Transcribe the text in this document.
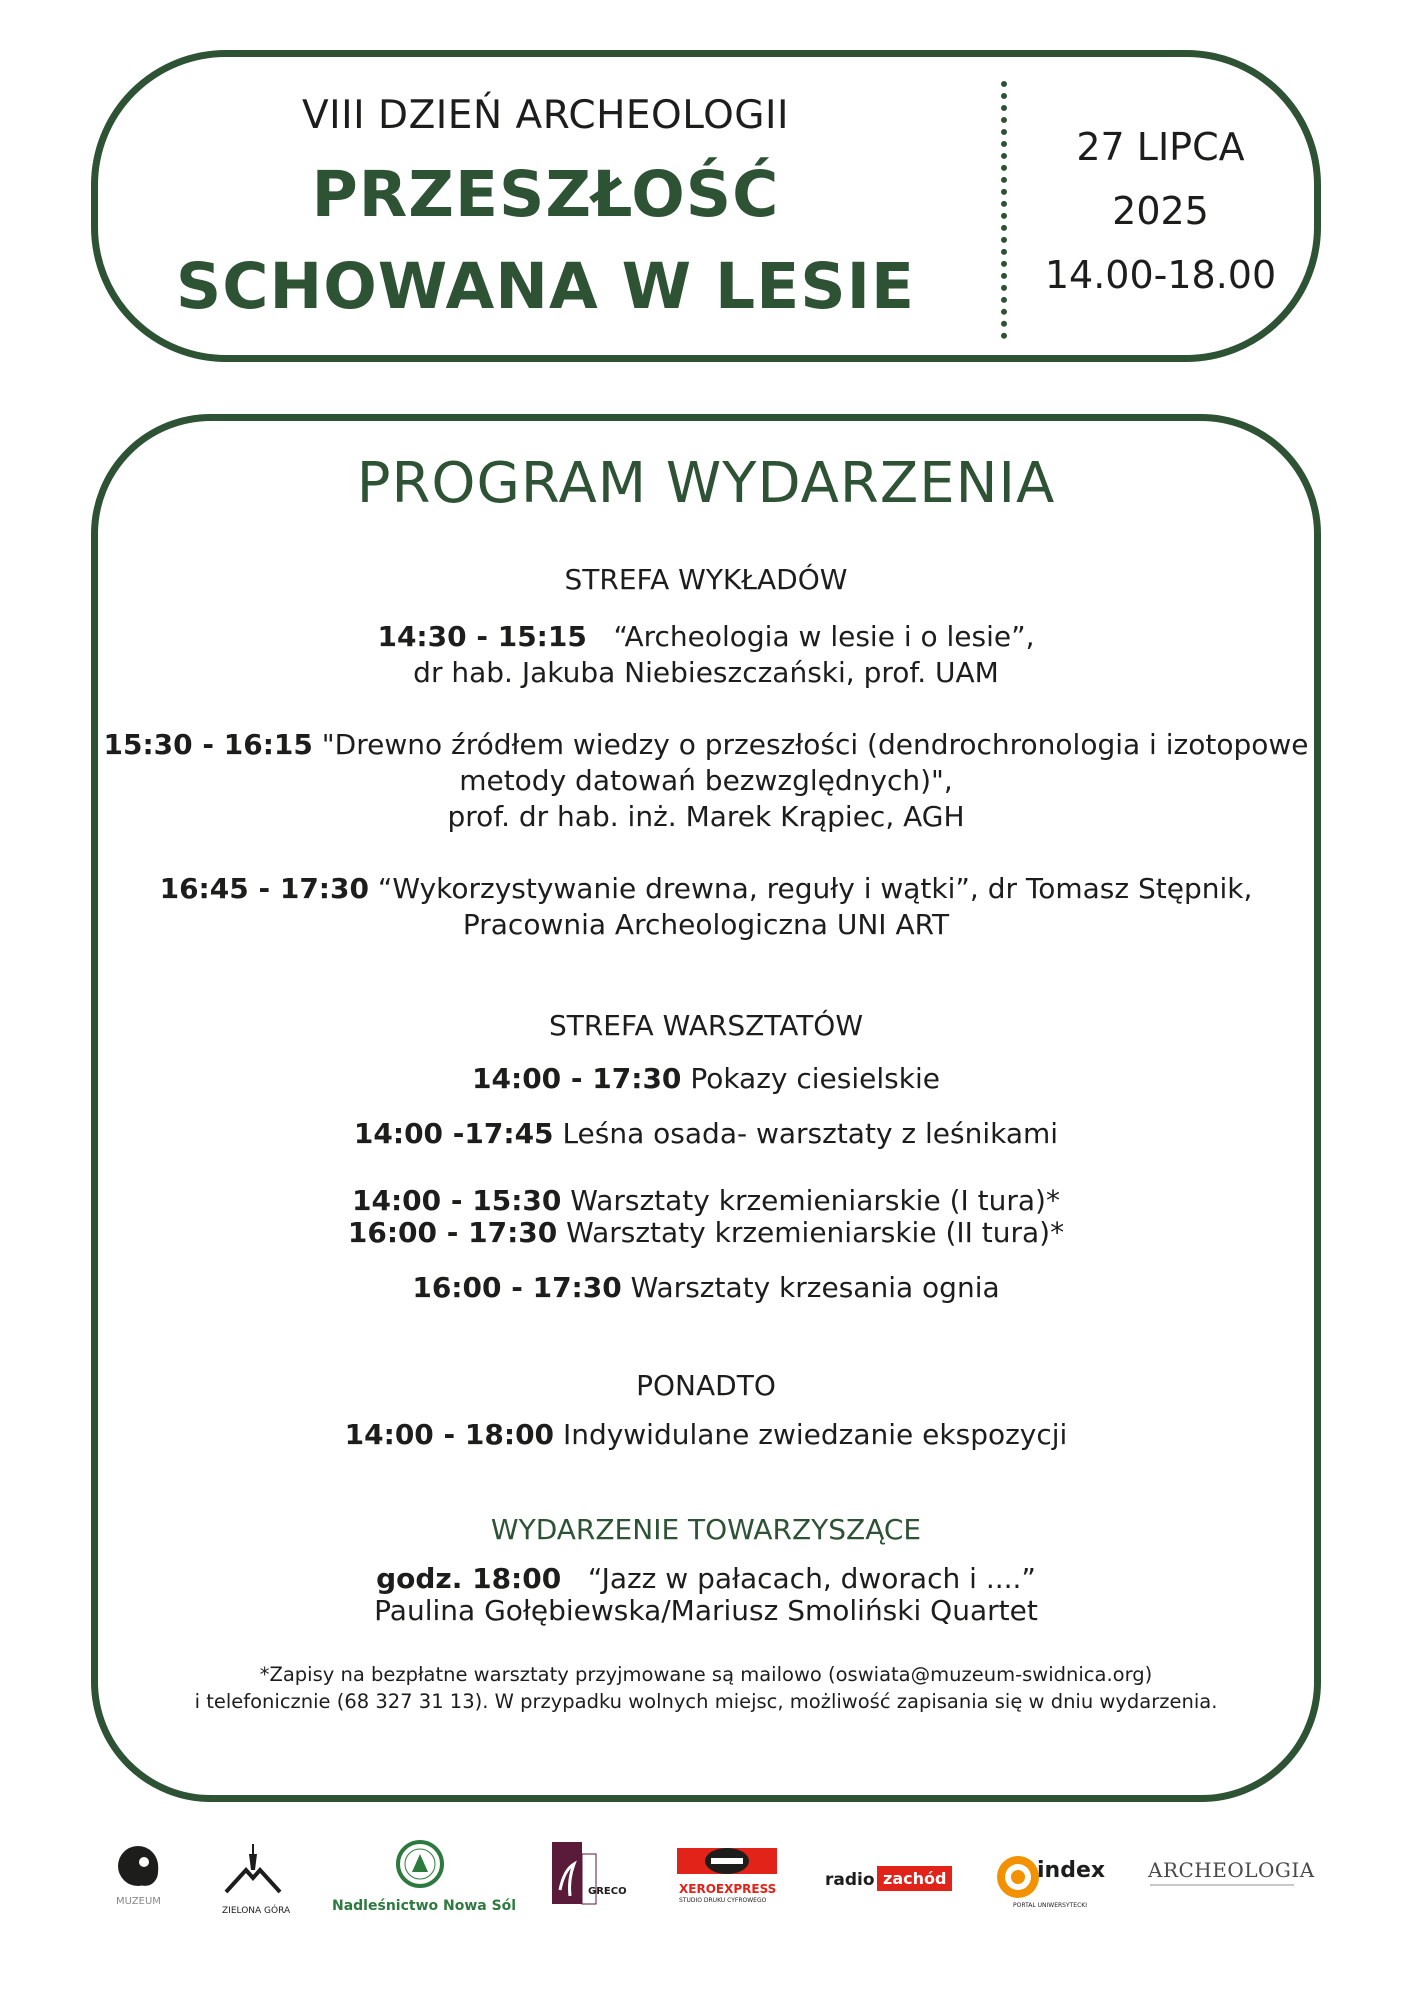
VIII DZIEŃ ARCHEOLOGII
PRZESZŁOŚĆ
SCHOWANA W LESIE
27 LIPCA
2025
14.00-18.00
PROGRAM WYDARZENIA
STREFA WYKŁADÓW
14:30 - 15:15 “Archeologia w lesie i o lesie”,
dr hab. Jakuba Niebieszczański, prof. UAM
15:30 - 16:15 "Drewno źródłem wiedzy o przeszłości (dendrochronologia i izotopowe
metody datowań bezwzględnych)",
prof. dr hab. inż. Marek Krąpiec, AGH
16:45 - 17:30 “Wykorzystywanie drewna, reguły i wątki”, dr Tomasz Stępnik,
Pracownia Archeologiczna UNI ART
STREFA WARSZTATÓW
14:00 - 17:30 Pokazy ciesielskie
14:00 -17:45 Leśna osada- warsztaty z leśnikami
14:00 - 15:30 Warsztaty krzemieniarskie (I tura)*
16:00 - 17:30 Warsztaty krzemieniarskie (II tura)*
16:00 - 17:30 Warsztaty krzesania ognia
PONADTO
14:00 - 18:00 Indywidulane zwiedzanie ekspozycji
WYDARZENIE TOWARZYSZĄCE
godz. 18:00 “Jazz w pałacach, dworach i ....”
Paulina Gołębiewska/Mariusz Smoliński Quartet
*Zapisy na bezpłatne warsztaty przyjmowane są mailowo (oswiata@muzeum-swidnica.org)
i telefonicznie (68 327 31 13). W przypadku wolnych miejsc, możliwość zapisania się w dniu wydarzenia.
MUZEUM
ZIELONA GÓRA	Nadleśnictwo Nowa Sól
GRECO	XEROEXPRESS
STUDIO DRUKU CYFROWEGO
radio zachód	index
PORTAL UNIWERSYTECKI
ARCHEOLOGIA
